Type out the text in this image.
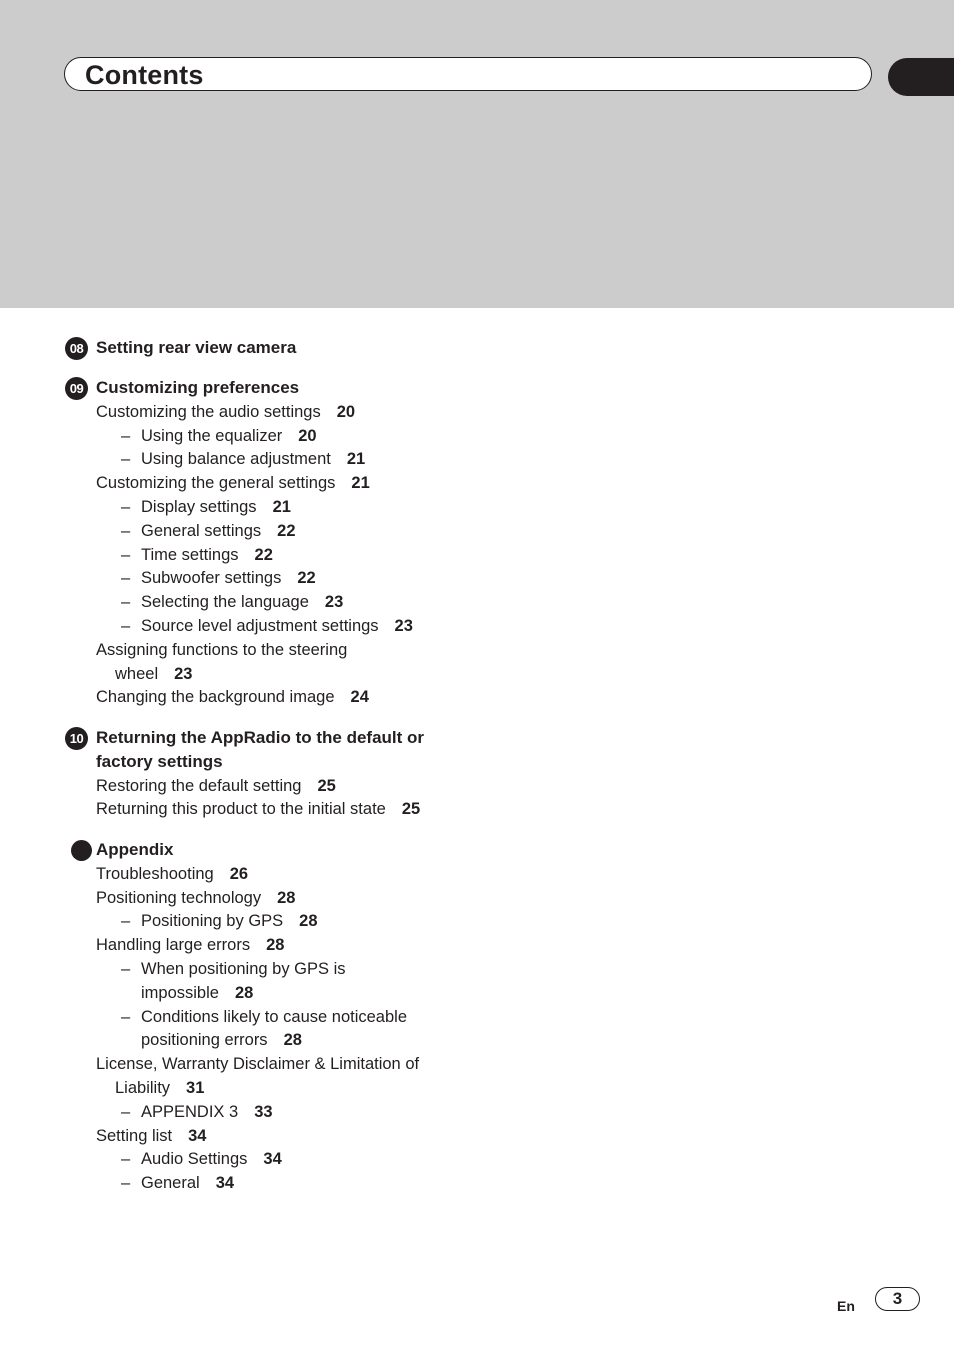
Contents
08 Setting rear view camera
09 Customizing preferences
Customizing the audio settings 20
– Using the equalizer 20
– Using balance adjustment 21
Customizing the general settings 21
– Display settings 21
– General settings 22
– Time settings 22
– Subwoofer settings 22
– Selecting the language 23
– Source level adjustment settings 23
Assigning functions to the steering
wheel 23
Changing the background image 24
10 Returning the AppRadio to the default or
factory settings
Restoring the default setting 25
Returning this product to the initial state 25
Appendix
Troubleshooting 26
Positioning technology 28
– Positioning by GPS 28
Handling large errors 28
– When positioning by GPS is
impossible 28
– Conditions likely to cause noticeable
positioning errors 28
License, Warranty Disclaimer & Limitation of
Liability 31
– APPENDIX 3 33
Setting list 34
– Audio Settings 34
– General 34
En	3
